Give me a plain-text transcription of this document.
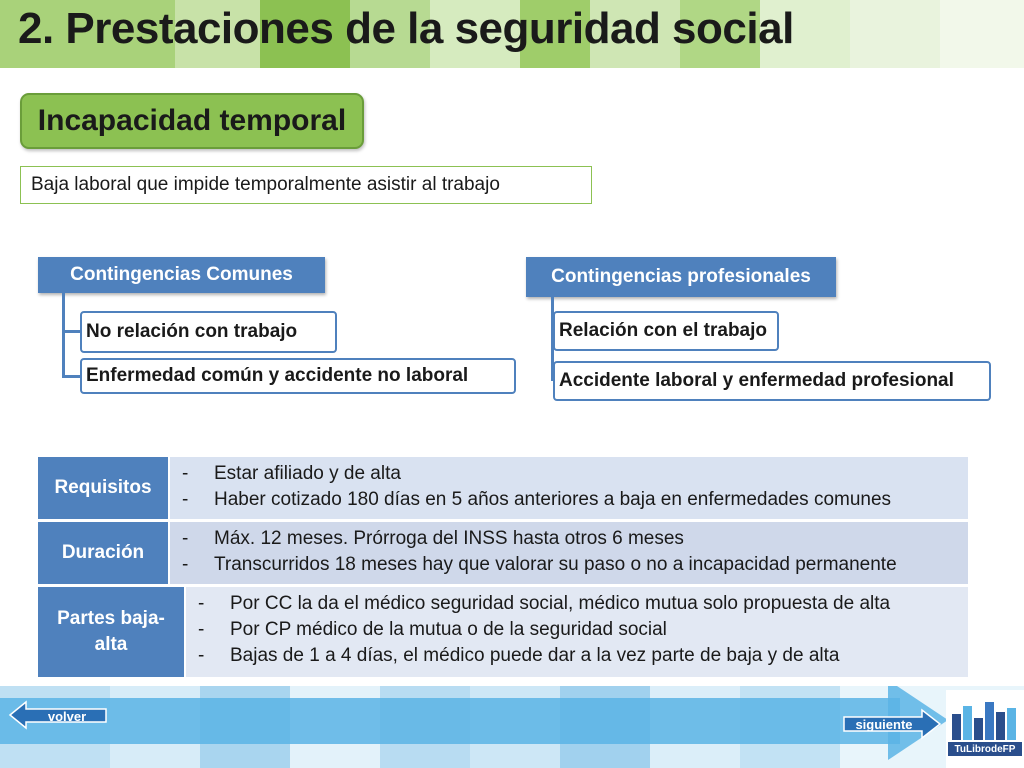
2. Prestaciones de la seguridad social
Incapacidad temporal
Baja laboral que impide temporalmente asistir al trabajo
Contingencias Comunes
No relación con trabajo
Enfermedad común y accidente no laboral
Contingencias profesionales
Relación con el trabajo
Accidente laboral y enfermedad profesional
Requisitos
-	Estar afiliado y de alta
-	Haber cotizado 180 días en 5 años anteriores a baja en enfermedades comunes
Duración
-	Máx. 12 meses. Prórroga del INSS hasta otros 6 meses
-	Transcurridos 18 meses hay que valorar su paso o no a incapacidad permanente
Partes baja-alta
-	Por CC la da el médico seguridad social, médico mutua solo propuesta de alta
-	Por CP médico de la mutua o de la seguridad social
-	Bajas de 1 a 4 días, el médico puede dar a la vez parte de baja y de alta
volver
siguiente
TuLibrodeFP
